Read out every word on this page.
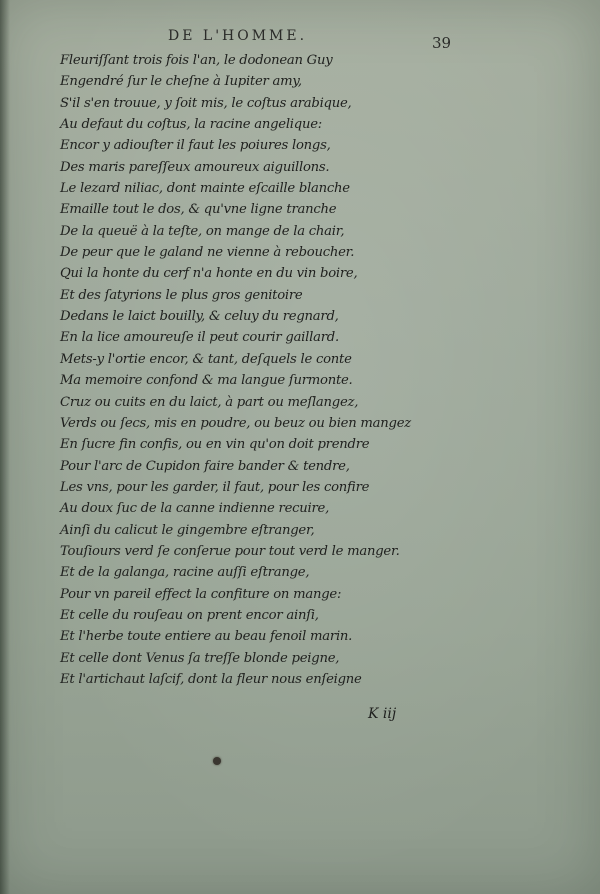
DE L'HOMME.	39
Fleuriſſant trois fois l'an, le dodonean Guy
Engendré ſur le cheſne à Iupiter amy,
S'il s'en trouue, y ſoit mis, le coſtus arabique,
Au defaut du coſtus, la racine angelique:
Encor y adiouſter il faut les poiures longs,
Des maris pareſſeux amoureux aiguillons.
Le lezard niliac, dont mainte eſcaille blanche
Emaille tout le dos, & qu'vne ligne tranche
De la queuë à la teſte, on mange de la chair,
De peur que le galand ne vienne à reboucher.
Qui la honte du cerf n'a honte en du vin boire,
Et des ſatyrions le plus gros genitoire
Dedans le laict bouilly, & celuy du regnard,
En la lice amoureuſe il peut courir gaillard.
Mets-y l'ortie encor, & tant, deſquels le conte
Ma memoire confond & ma langue ſurmonte.
Cruz ou cuits en du laict, à part ou meſlangez,
Verds ou ſecs, mis en poudre, ou beuz ou bien mangez
En ſucre fin confis, ou en vin qu'on doit prendre
Pour l'arc de Cupidon faire bander & tendre,
Les vns, pour les garder, il faut, pour les confire
Au doux ſuc de la canne indienne recuire,
Ainſi du calicut le gingembre eſtranger,
Touſiours verd ſe conſerue pour tout verd le manger.
Et de la galanga, racine auſſi eſtrange,
Pour vn pareil effect la confiture on mange:
Et celle du rouſeau on prent encor ainſi,
Et l'herbe toute entiere au beau fenoil marin.
Et celle dont Venus ſa treſſe blonde peigne,
Et l'artichaut laſcif, dont la fleur nous enſeigne
K iij
